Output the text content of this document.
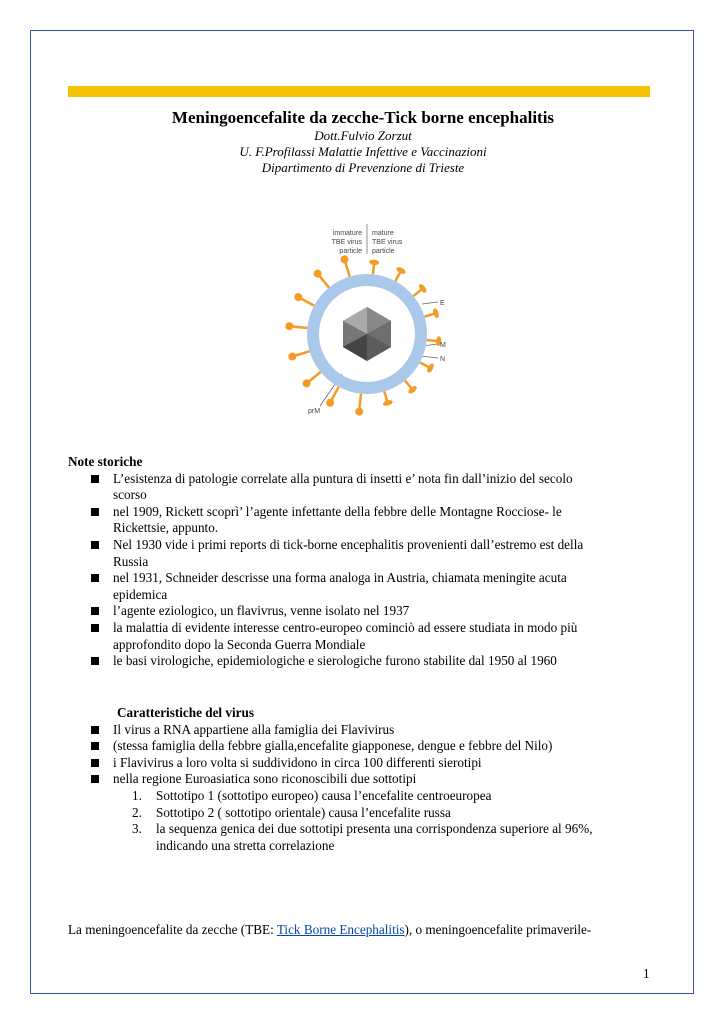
Meningoencefalite da zecche-Tick borne encephalitis

Dott.Fulvio Zorzut

U. F.Profilassi Malattie Infettive e Vaccinazioni

Dipartimento di Prevenzione di Trieste

immature
TBE virus
particle
mature
TBE virus
particle
E
M
N
prM

Note storiche

L’esistenza di patologie correlate alla puntura di insetti e’ nota fin dall’inizio del secolo
scorso
nel 1909, Rickett scoprì’ l’agente infettante della febbre delle Montagne Rocciose- le
Rickettsie, appunto.
Nel 1930 vide i primi reports di tick-borne encephalitis provenienti dall’estremo est della
Russia
nel 1931, Schneider descrisse una forma analoga in Austria, chiamata meningite acuta
epidemica
l’agente eziologico, un flavivrus, venne isolato nel 1937
la malattia di evidente interesse centro-europeo cominciò ad essere studiata in modo più
approfondito dopo la Seconda Guerra Mondiale
le basi virologiche, epidemiologiche e sierologiche furono stabilite dal 1950 al 1960

Caratteristiche del virus

Il virus a RNA appartiene alla famiglia dei Flavivirus
(stessa famiglia della febbre gialla,encefalite giapponese, dengue e febbre del Nilo)
i Flavivirus a loro volta si suddividono in circa 100 differenti sierotipi
nella regione Euroasiatica sono riconoscibili due sottotipi
1. Sottotipo 1 (sottotipo europeo) causa l’encefalite centroeuropea
2. Sottotipo 2 ( sottotipo orientale) causa l’encefalite russa
3. la sequenza genica dei due sottotipi presenta una corrispondenza superiore al 96%,
indicando una stretta correlazione
La meningoencefalite da zecche (TBE: Tick Borne Encephalitis), o meningoencefalite primaverile-
1
